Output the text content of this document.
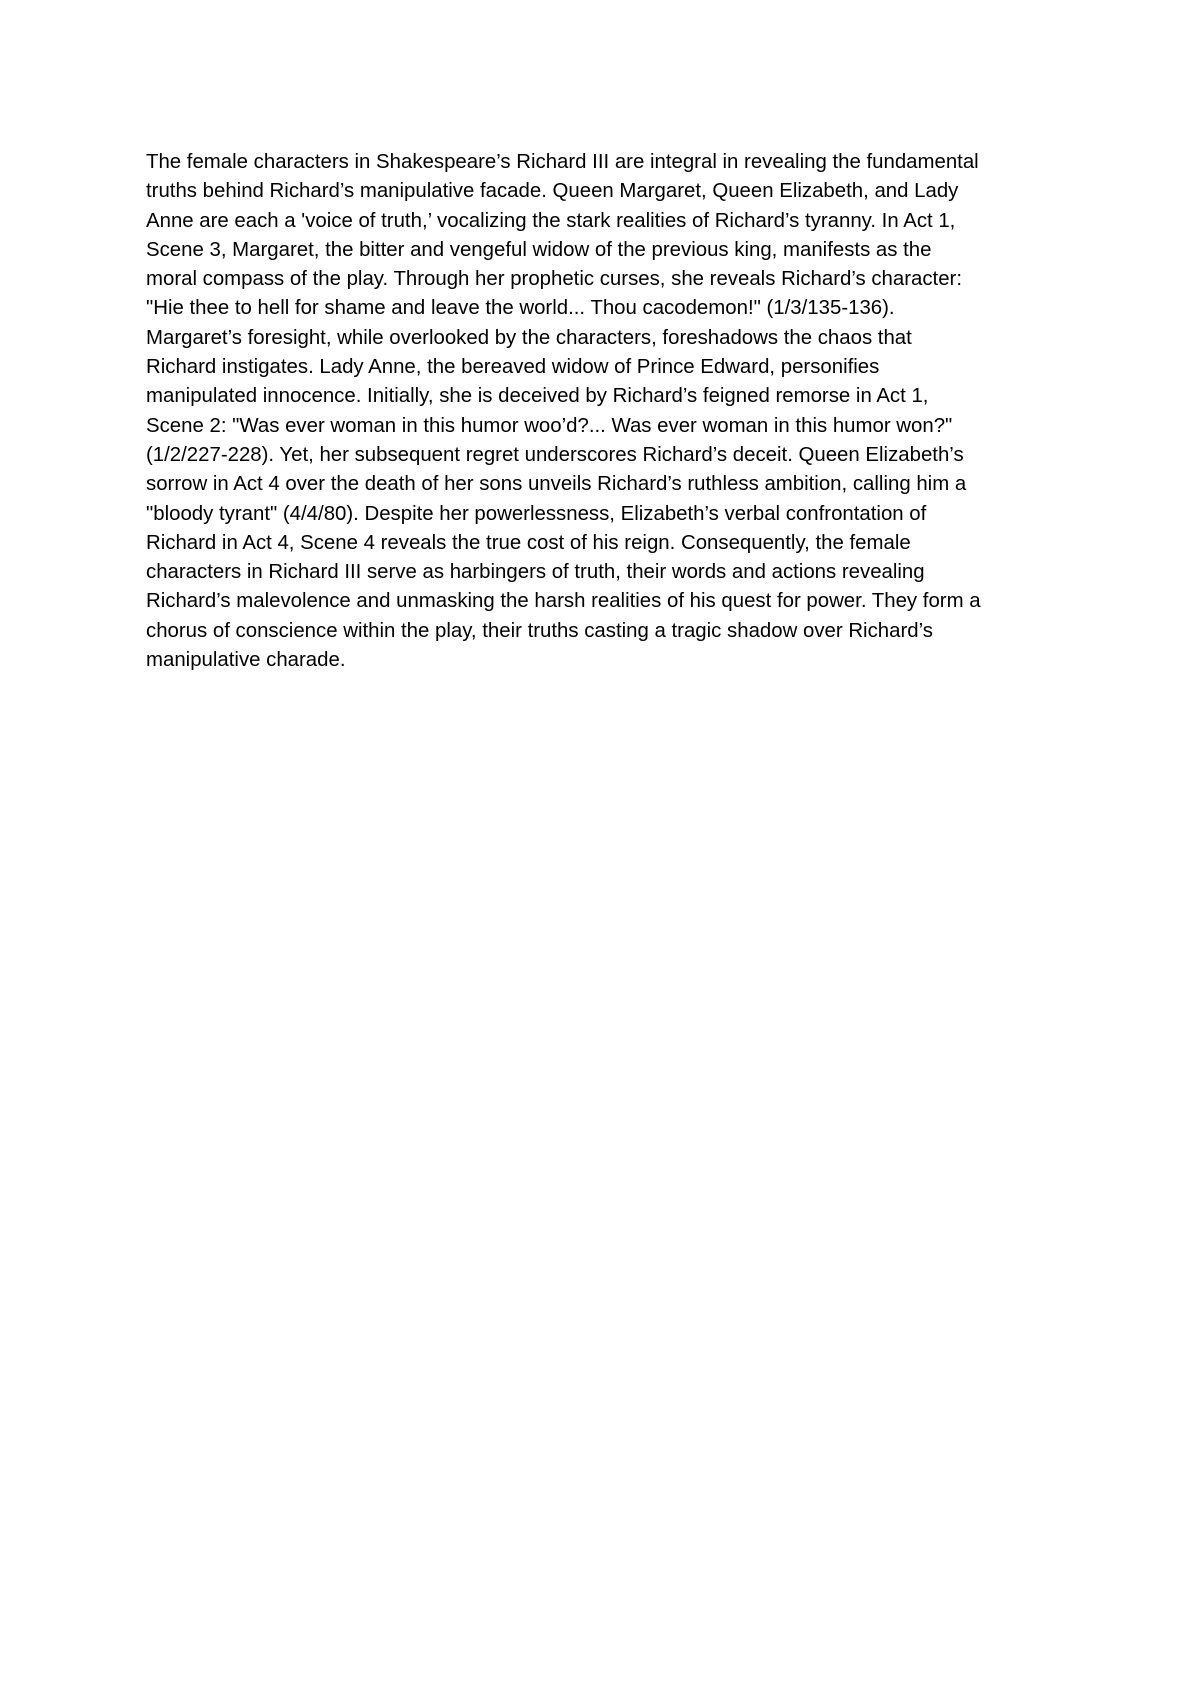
The female characters in Shakespeare’s Richard III are integral in revealing the fundamental
truths behind Richard’s manipulative facade. Queen Margaret, Queen Elizabeth, and Lady
Anne are each a 'voice of truth,’ vocalizing the stark realities of Richard’s tyranny. In Act 1,
Scene 3, Margaret, the bitter and vengeful widow of the previous king, manifests as the
moral compass of the play. Through her prophetic curses, she reveals Richard’s character:
"Hie thee to hell for shame and leave the world... Thou cacodemon!" (1/3/135-136).
Margaret’s foresight, while overlooked by the characters, foreshadows the chaos that
Richard instigates. Lady Anne, the bereaved widow of Prince Edward, personifies
manipulated innocence. Initially, she is deceived by Richard’s feigned remorse in Act 1,
Scene 2: "Was ever woman in this humor woo’d?... Was ever woman in this humor won?"
(1/2/227-228). Yet, her subsequent regret underscores Richard’s deceit. Queen Elizabeth’s
sorrow in Act 4 over the death of her sons unveils Richard’s ruthless ambition, calling him a
"bloody tyrant" (4/4/80). Despite her powerlessness, Elizabeth’s verbal confrontation of
Richard in Act 4, Scene 4 reveals the true cost of his reign. Consequently, the female
characters in Richard III serve as harbingers of truth, their words and actions revealing
Richard’s malevolence and unmasking the harsh realities of his quest for power. They form a
chorus of conscience within the play, their truths casting a tragic shadow over Richard’s
manipulative charade.
